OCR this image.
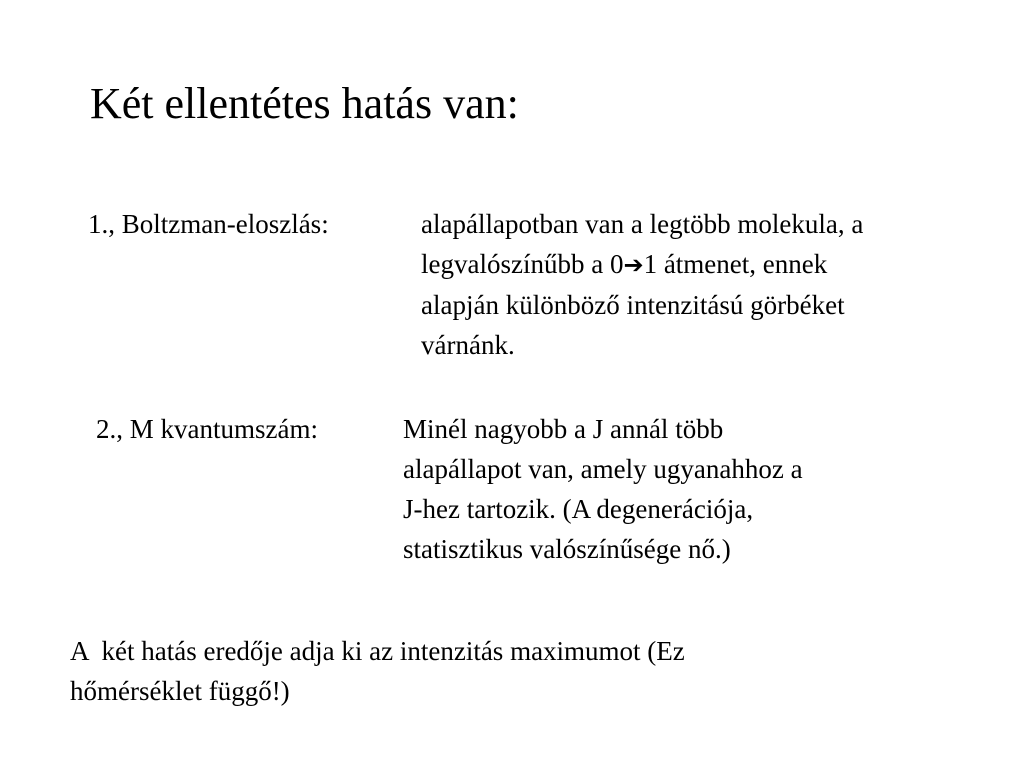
Két ellentétes hatás van:
1., Boltzman-eloszlás:	alapállapotban van a legtöbb molekula, a
legvalószínűbb a 0➔1 átmenet, ennek
alapján különböző intenzitású görbéket
várnánk.
2., M kvantumszám:	Minél nagyobb a J annál több
alapállapot van, amely ugyanahhoz a
J-hez tartozik. (A degenerációja,
statisztikus valószínűsége nő.)
A  két hatás eredője adja ki az intenzitás maximumot (Ez
hőmérséklet függő!)
